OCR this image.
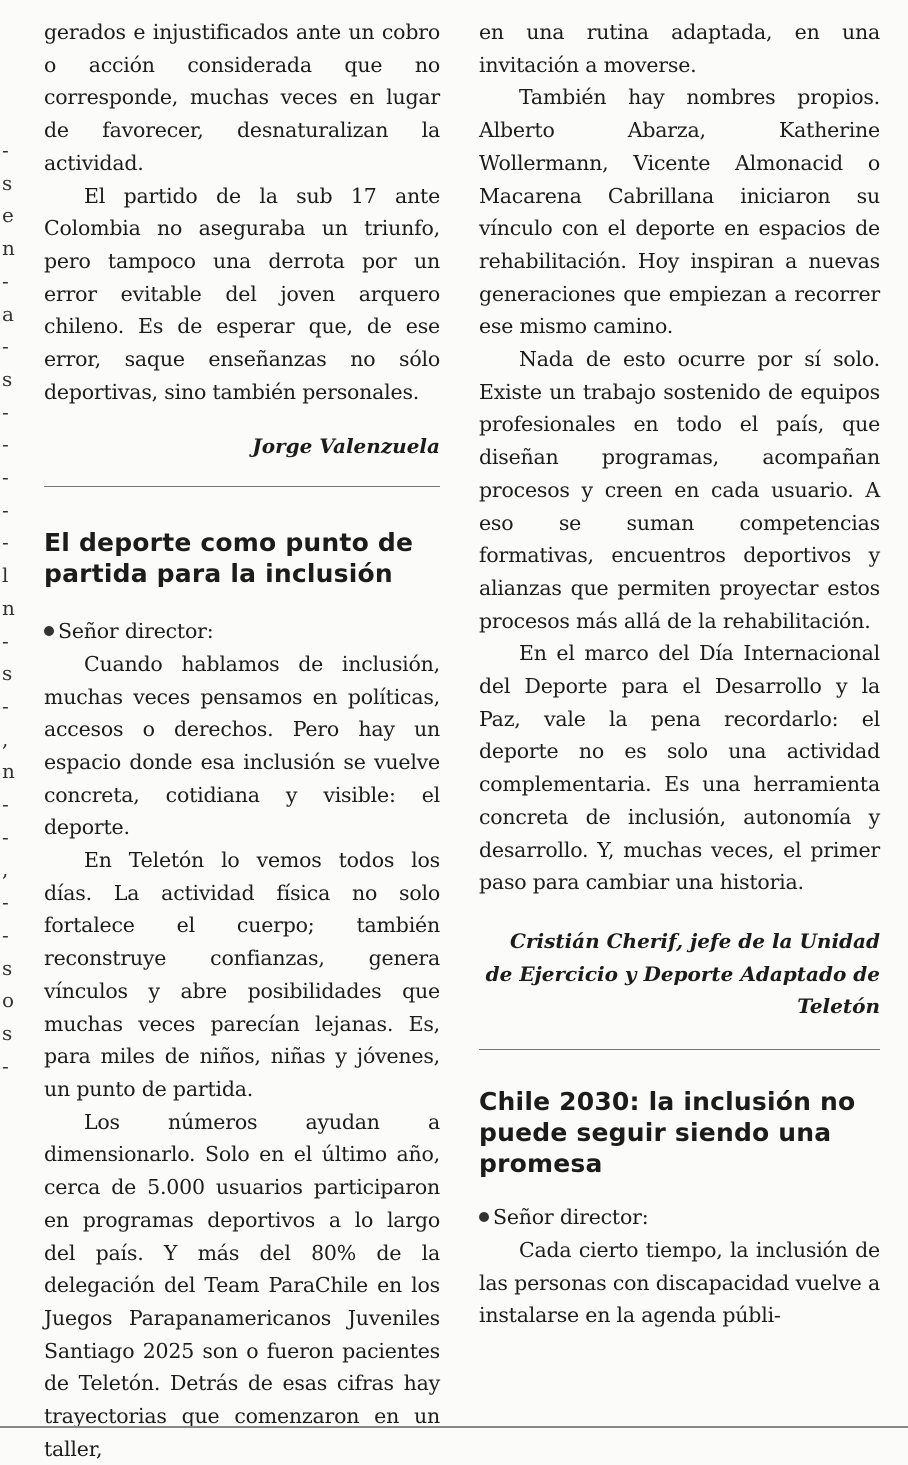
-
s
e
n
-
a
-
s
-
-
-
-
-
l
n
-
s
-
,
n
-
-
,
-
-
s
o
s
-

gerados e injustificados ante un cobro o acción considerada que no corresponde, muchas veces en lugar de favorecer, desnaturalizan la actividad.

El partido de la sub 17 ante Colombia no aseguraba un triunfo, pero tampoco una derrota por un error evitable del joven arquero chileno. Es de esperar que, de ese error, saque enseñanzas no sólo deportivas, sino también personales.

Jorge Valenzuela

El deporte como punto de partida para la inclusión

Señor director:

Cuando hablamos de inclusión, muchas veces pensamos en políticas, accesos o derechos. Pero hay un espacio donde esa inclusión se vuelve concreta, cotidiana y visible: el deporte.

En Teletón lo vemos todos los días. La actividad física no solo fortalece el cuerpo; también reconstruye confianzas, genera vínculos y abre posibilidades que muchas veces parecían lejanas. Es, para miles de niños, niñas y jóvenes, un punto de partida.

Los números ayudan a dimensionarlo. Solo en el último año, cerca de 5.000 usuarios participaron en programas deportivos a lo largo del país. Y más del 80% de la delegación del Team ParaChile en los Juegos Parapanamericanos Juveniles Santiago 2025 son o fueron pacientes de Teletón. Detrás de esas cifras hay trayectorias que comenzaron en un taller,

en una rutina adaptada, en una invitación a moverse.

También hay nombres propios. Alberto Abarza, Katherine Wollermann, Vicente Almonacid o Macarena Cabrillana iniciaron su vínculo con el deporte en espacios de rehabilitación. Hoy inspiran a nuevas generaciones que empiezan a recorrer ese mismo camino.

Nada de esto ocurre por sí solo. Existe un trabajo sostenido de equipos profesionales en todo el país, que diseñan programas, acompañan procesos y creen en cada usuario. A eso se suman competencias formativas, encuentros deportivos y alianzas que permiten proyectar estos procesos más allá de la rehabilitación.

En el marco del Día Internacional del Deporte para el Desarrollo y la Paz, vale la pena recordarlo: el deporte no es solo una actividad complementaria. Es una herramienta concreta de inclusión, autonomía y desarrollo. Y, muchas veces, el primer paso para cambiar una historia.

Cristián Cherif, jefe de la Unidad de Ejercicio y Deporte Adaptado de Teletón

Chile 2030: la inclusión no puede seguir siendo una promesa

Señor director:

Cada cierto tiempo, la inclusión de las personas con discapacidad vuelve a instalarse en la agenda públi-
